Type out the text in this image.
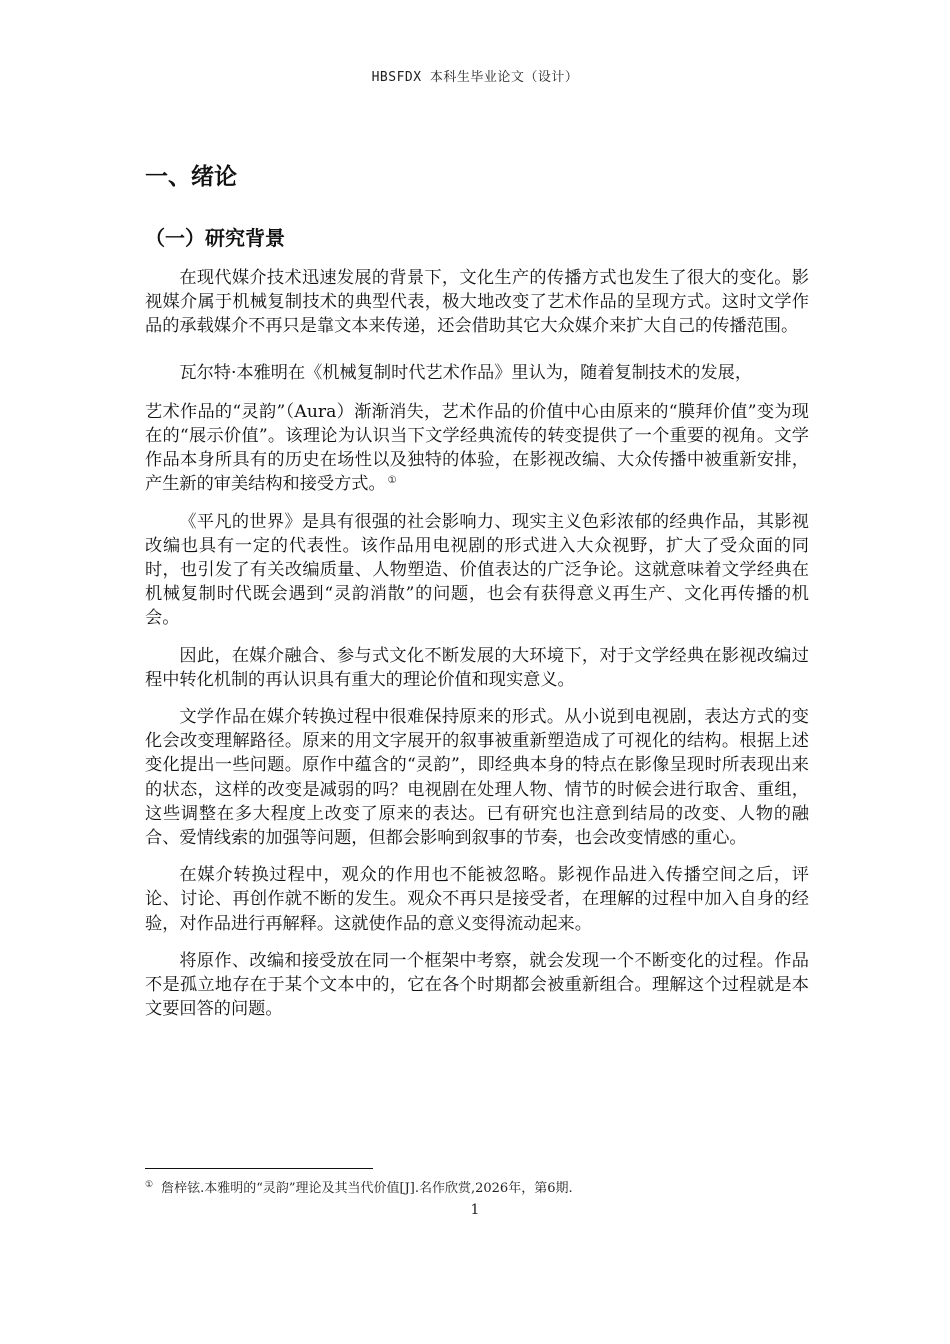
HBSFDX 本科生毕业论文（设计）
一、绪论
（一）研究背景

在现代媒介技术迅速发展的背景下，文化生产的传播方式也发生了很大的变化。影视媒介属于机械复制技术的典型代表，极大地改变了艺术作品的呈现方式。这时文学作品的承载媒介不再只是靠文本来传递，还会借助其它大众媒介来扩大自己的传播范围。

瓦尔特·本雅明在《机械复制时代艺术作品》里认为，随着复制技术的发展，
艺术作品的“灵韵”（Aura）渐渐消失，艺术作品的价值中心由原来的“膜拜价值”变为现在的“展示价值”。该理论为认识当下文学经典流传的转变提供了一个重要的视角。文学作品本身所具有的历史在场性以及独特的体验，在影视改编、大众传播中被重新安排，产生新的审美结构和接受方式。 ①

《平凡的世界》是具有很强的社会影响力、现实主义色彩浓郁的经典作品，其影视改编也具有一定的代表性。该作品用电视剧的形式进入大众视野，扩大了受众面的同时，也引发了有关改编质量、人物塑造、价值表达的广泛争论。这就意味着文学经典在机械复制时代既会遇到“灵韵消散”的问题，也会有获得意义再生产、文化再传播的机会。

因此，在媒介融合、参与式文化不断发展的大环境下，对于文学经典在影视改编过程中转化机制的再认识具有重大的理论价值和现实意义。

文学作品在媒介转换过程中很难保持原来的形式。从小说到电视剧，表达方式的变化会改变理解路径。原来的用文字展开的叙事被重新塑造成了可视化的结构。根据上述变化提出一些问题。原作中蕴含的“灵韵”，即经典本身的特点在影像呈现时所表现出来的状态，这样的改变是减弱的吗？电视剧在处理人物、情节的时候会进行取舍、重组，这些调整在多大程度上改变了原来的表达。已有研究也注意到结局的改变、人物的融合、爱情线索的加强等问题，但都会影响到叙事的节奏，也会改变情感的重心。

在媒介转换过程中，观众的作用也不能被忽略。影视作品进入传播空间之后，评论、讨论、再创作就不断的发生。观众不再只是接受者，在理解的过程中加入自身的经验，对作品进行再解释。这就使作品的意义变得流动起来。

将原作、改编和接受放在同一个框架中考察，就会发现一个不断变化的过程。作品不是孤立地存在于某个文本中的，它在各个时期都会被重新组合。理解这个过程就是本文要回答的问题。

① 詹梓铉.本雅明的“灵韵”理论及其当代价值[J].名作欣赏,2026年，第6期.
1
